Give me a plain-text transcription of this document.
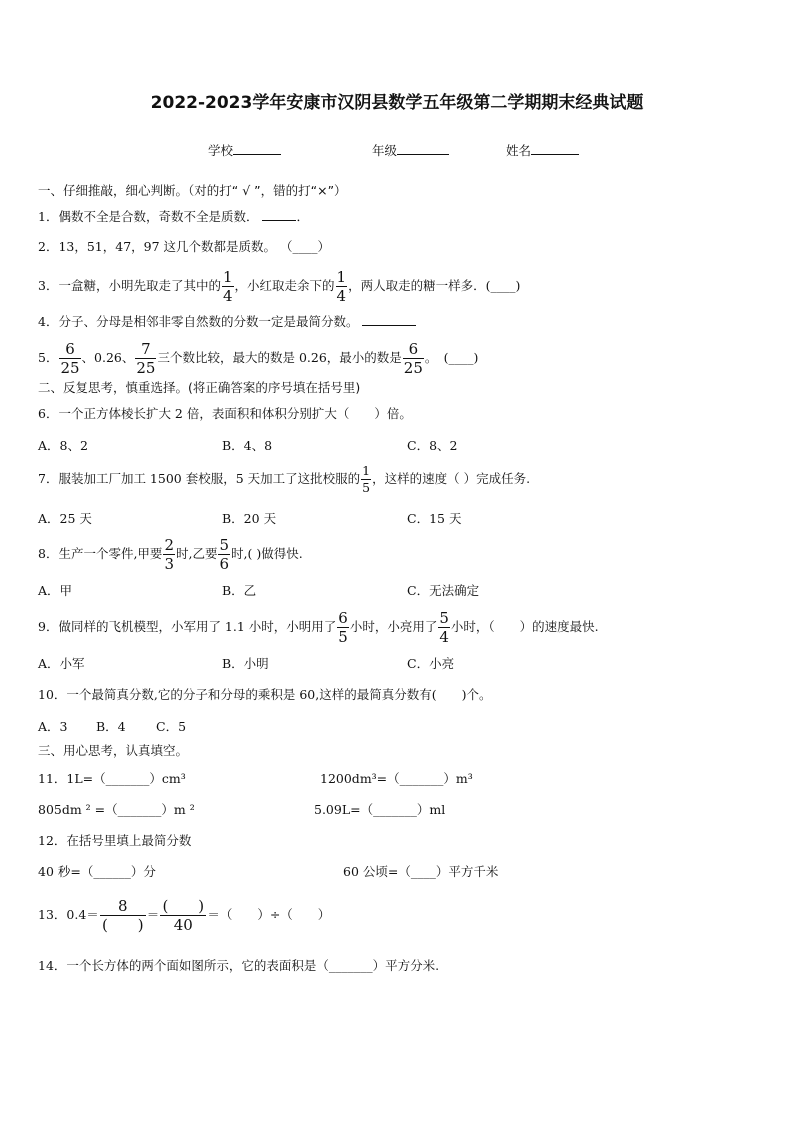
2022-2023学年安康市汉阴县数学五年级第二学期期末经典试题
学校	年级	姓名
一、仔细推敲，细心判断。（对的打“ √ ”，错的打“×”）
1．偶数不全是合数，奇数不全是质数．	．
2．13，51，47，97 这几个数都是质数。 （____）
3．一盒糖，小明先取走了其中的 $\frac{1}{4}$ ，小红取走余下的 $\frac{1}{4}$ ，两人取走的糖一样多．(____)
4．分子、分母是相邻非零自然数的分数一定是最简分数。
5． $\frac{6}{25}$ 、0.26、 $\frac{7}{25}$ 三个数比较，最大的数是 0.26，最小的数是 $\frac{6}{25}$ 。　(____)
二、反复思考，慎重选择。(将正确答案的序号填在括号里)
6．一个正方体棱长扩大 2 倍，表面积和体积分别扩大（　　）倍。
A．8、2	B．4、8	C．8、2
7．服装加工厂加工 1500 套校服，5 天加工了这批校服的 $\frac{1}{5}$ ，这样的速度（ ）完成任务.
A．25 天	B．20 天	C．15 天
8．生产一个零件,甲要 $\frac{2}{3}$ 时,乙要 $\frac{5}{6}$ 时,( )做得快.
A．甲	B．乙	C．无法确定
9．做同样的飞机模型，小军用了 1.1 小时，小明用了 $\frac{6}{5}$ 小时，小亮用了 $\frac{5}{4}$ 小时，（　　）的速度最快.
A．小军	B．小明	C．小亮
10．一个最简真分数,它的分子和分母的乘积是 60,这样的最简真分数有(　　)个。
A．3 B．4 C．5
三、用心思考，认真填空。
11．1L=（_______）cm³	1200dm³=（_______）m³
805dm ² =（_______）m ²	5.09L=（_______）ml
12．在括号里填上最简分数
40 秒=（______）分	60 公顷=（____）平方千米
13．$0.4= \frac{8}{( )} = \frac{( )}{40}$ ＝（　　）÷（　　）
14．一个长方体的两个面如图所示，它的表面积是（_______）平方分米.
